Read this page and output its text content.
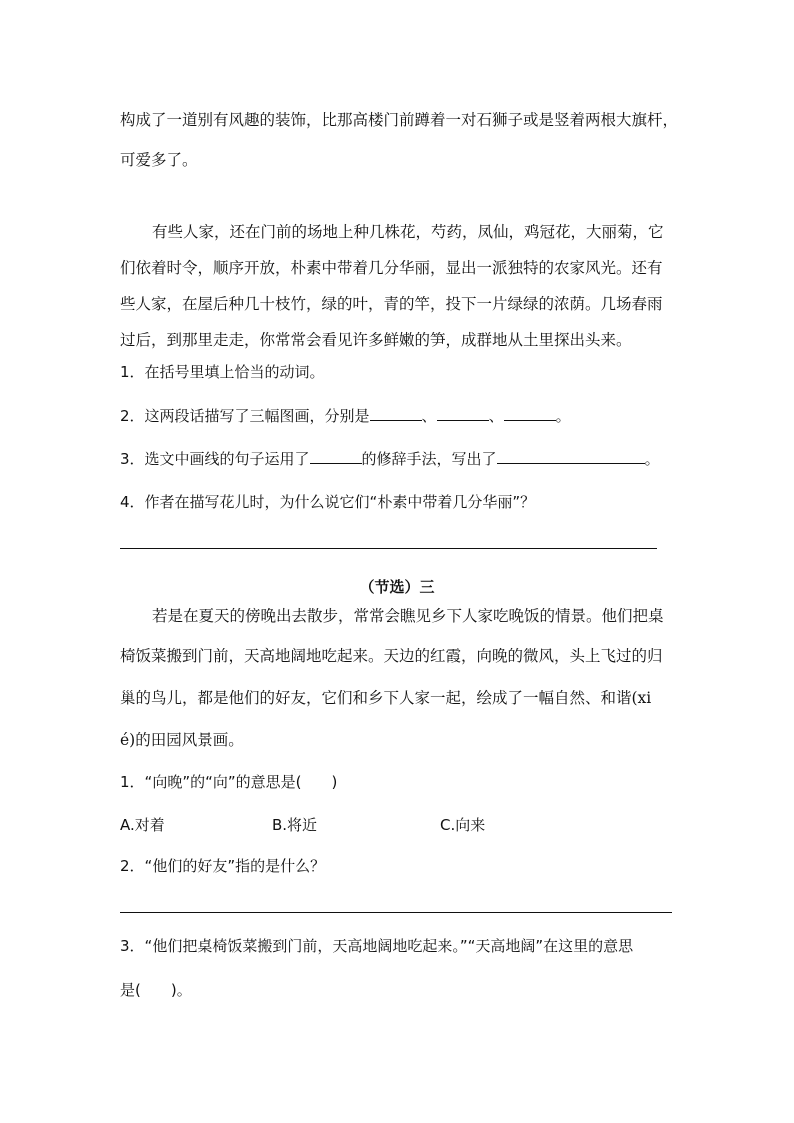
构成了一道别有风趣的装饰，比那高楼门前蹲着一对石狮子或是竖着两根大旗杆，
可爱多了。
有些人家，还在门前的场地上种几株花，芍药，凤仙，鸡冠花，大丽菊，它
们依着时令，顺序开放，朴素中带着几分华丽，显出一派独特的农家风光。还有
些人家，在屋后种几十枝竹，绿的叶，青的竿，投下一片绿绿的浓荫。几场春雨
过后，到那里走走，你常常会看见许多鲜嫩的笋，成群地从土里探出头来。
1．在括号里填上恰当的动词。
2．这两段话描写了三幅图画，分别是	、	、	。
3．选文中画线的句子运用了	的修辞手法，写出了	。
4．作者在描写花儿时，为什么说它们“朴素中带着几分华丽”？
（节选）三
若是在夏天的傍晚出去散步，常常会瞧见乡下人家吃晚饭的情景。他们把桌
椅饭菜搬到门前，天高地阔地吃起来。天边的红霞，向晚的微风，头上飞过的归
巢的鸟儿，都是他们的好友，它们和乡下人家一起，绘成了一幅自然、和谐(xi
é)的田园风景画。
1．“向晚”的“向”的意思是(　　)
A.对着	B.将近	C.向来
2．“他们的好友”指的是什么？
3．“他们把桌椅饭菜搬到门前，天高地阔地吃起来。”“天高地阔”在这里的意思
是(　　)。
